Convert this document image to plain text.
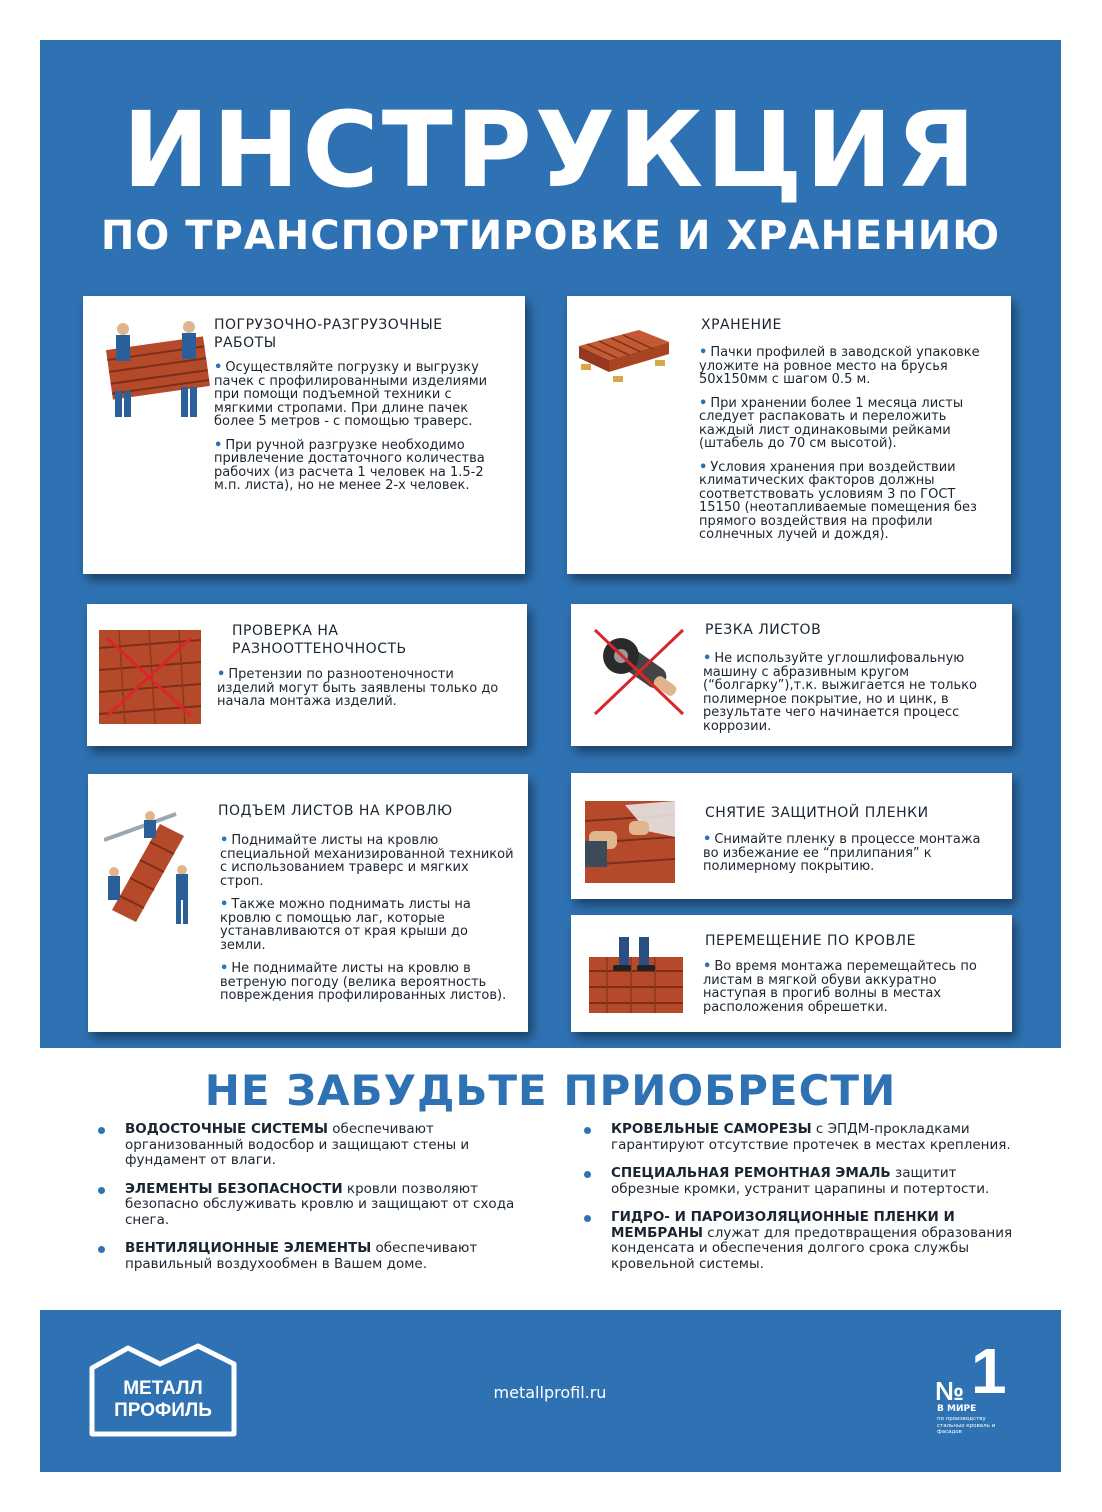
ИНСТРУКЦИЯ
ПО ТРАНСПОРТИРОВКЕ И ХРАНЕНИЮ
ПОГРУЗОЧНО-РАЗГРУЗОЧНЫЕ
РАБОТЫ
• Осуществляйте погрузку и выгрузку пачек с профилированными изделиями при помощи подъемной техники с мягкими стропами. При длине пачек более 5 метров - с помощью траверс.
• При ручной разгрузке необходимо привлечение достаточного количества рабочих (из расчета 1 человек на 1.5-2 м.п. листа), но не менее 2-х человек.
ХРАНЕНИЕ
• Пачки профилей в заводской упаковке уложите на ровное место на брусья 50х150мм с шагом 0.5 м.
• При хранении более 1 месяца листы следует распаковать и переложить каждый лист одинаковыми рейками (штабель до 70 см высотой).
• Условия хранения при воздействии климатических факторов должны соответствовать условиям 3 по ГОСТ 15150 (неотапливаемые помещения без прямого воздействия на профили солнечных лучей и дождя).
ПРОВЕРКА НА
РАЗНООТТЕНОЧНОСТЬ
• Претензии по разноотеночности изделий могут быть заявлены только до начала монтажа изделий.
РЕЗКА ЛИСТОВ
• Не используйте углошлифовальную машину с абразивным кругом (“болгарку”),т.к. выжигается не только полимерное покрытие, но и цинк, в результате чего начинается процесс коррозии.
ПОДЪЕМ ЛИСТОВ НА КРОВЛЮ
• Поднимайте листы на кровлю специальной механизированной техникой с использованием траверс и мягких строп.
• Также можно поднимать листы на кровлю с помощью лаг, которые устанавливаются от края крыши до земли.
• Не поднимайте листы на кровлю в ветреную погоду (велика вероятность повреждения профилированных листов).
СНЯТИЕ ЗАЩИТНОЙ ПЛЕНКИ
• Снимайте пленку в процессе монтажа во избежание ее “прилипания” к полимерному покрытию.
ПЕРЕМЕЩЕНИЕ ПО КРОВЛЕ
• Во время монтажа перемещайтесь по листам в мягкой обуви аккуратно наступая в прогиб волны в местах расположения обрешетки.
НЕ ЗАБУДЬТЕ ПРИОБРЕСТИ
ВОДОСТОЧНЫЕ СИСТЕМЫ обеспечивают организованный водосбор и защищают стены и фундамент от влаги.
ЭЛЕМЕНТЫ БЕЗОПАСНОСТИ кровли позволяют безопасно обслуживать кровлю и защищают от схода снега.
ВЕНТИЛЯЦИОННЫЕ ЭЛЕМЕНТЫ обеспечивают правильный воздухообмен в Вашем доме.
КРОВЕЛЬНЫЕ САМОРЕЗЫ с ЭПДМ-прокладками гарантируют отсутствие протечек в местах крепления.
СПЕЦИАЛЬНАЯ РЕМОНТНАЯ ЭМАЛЬ защитит обрезные кромки, устранит царапины и потертости.
ГИДРО- И ПАРОИЗОЛЯЦИОННЫЕ ПЛЕНКИ И МЕМБРАНЫ служат для предотвращения образования конденсата и обеспечения долгого срока службы кровельной системы.
МЕТАЛЛ
ПРОФИЛЬ
metallprofil.ru	№ 1
В МИРЕ
по производству стальных кровель и фасадов
